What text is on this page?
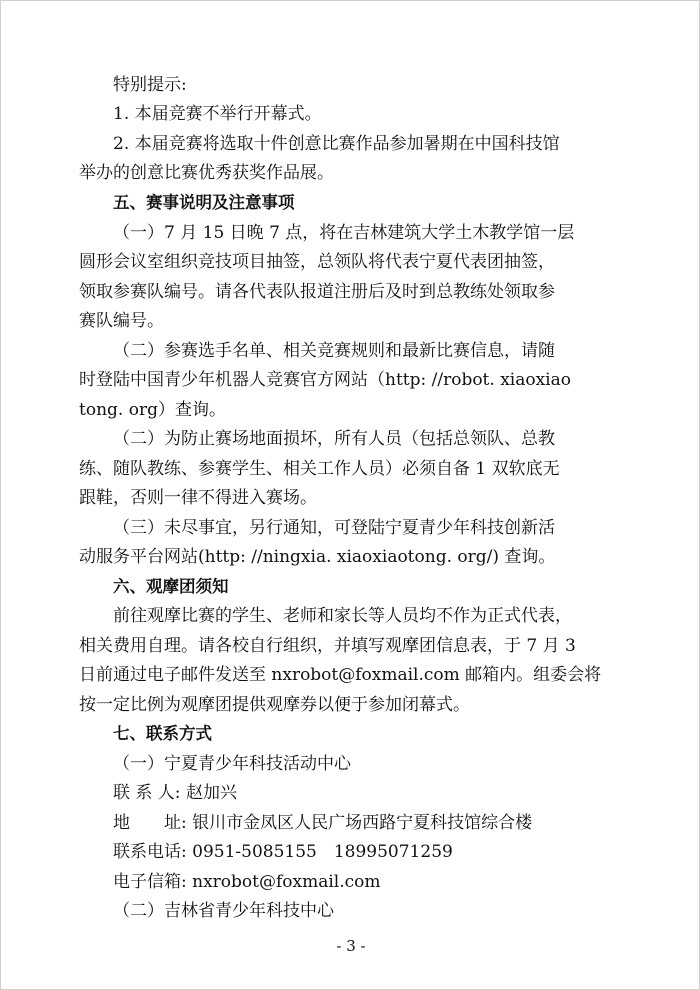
特别提示:
1. 本届竞赛不举行开幕式。
2. 本届竞赛将选取十件创意比赛作品参加暑期在中国科技馆
举办的创意比赛优秀获奖作品展。
五、赛事说明及注意事项
（一）7 月 15 日晚 7 点，将在吉林建筑大学土木教学馆一层
圆形会议室组织竞技项目抽签，总领队将代表宁夏代表团抽签，
领取参赛队编号。请各代表队报道注册后及时到总教练处领取参
赛队编号。
（二）参赛选手名单、相关竞赛规则和最新比赛信息，请随
时登陆中国青少年机器人竞赛官方网站（http: //robot. xiaoxiao
tong. org）查询。
（二）为防止赛场地面损坏，所有人员（包括总领队、总教
练、随队教练、参赛学生、相关工作人员）必须自备 1 双软底无
跟鞋，否则一律不得进入赛场。
（三）未尽事宜，另行通知，可登陆宁夏青少年科技创新活
动服务平台网站(http: //ningxia. xiaoxiaotong. org/) 查询。
六、观摩团须知
前往观摩比赛的学生、老师和家长等人员均不作为正式代表，
相关费用自理。请各校自行组织，并填写观摩团信息表，于 7 月 3
日前通过电子邮件发送至 nxrobot@foxmail.com 邮箱内。组委会将
按一定比例为观摩团提供观摩券以便于参加闭幕式。
七、联系方式
（一）宁夏青少年科技活动中心
联 系 人: 赵加兴
地　　址: 银川市金凤区人民广场西路宁夏科技馆综合楼
联系电话: 0951-5085155　18995071259
电子信箱: nxrobot@foxmail.com
（二）吉林省青少年科技中心
- 3 -
